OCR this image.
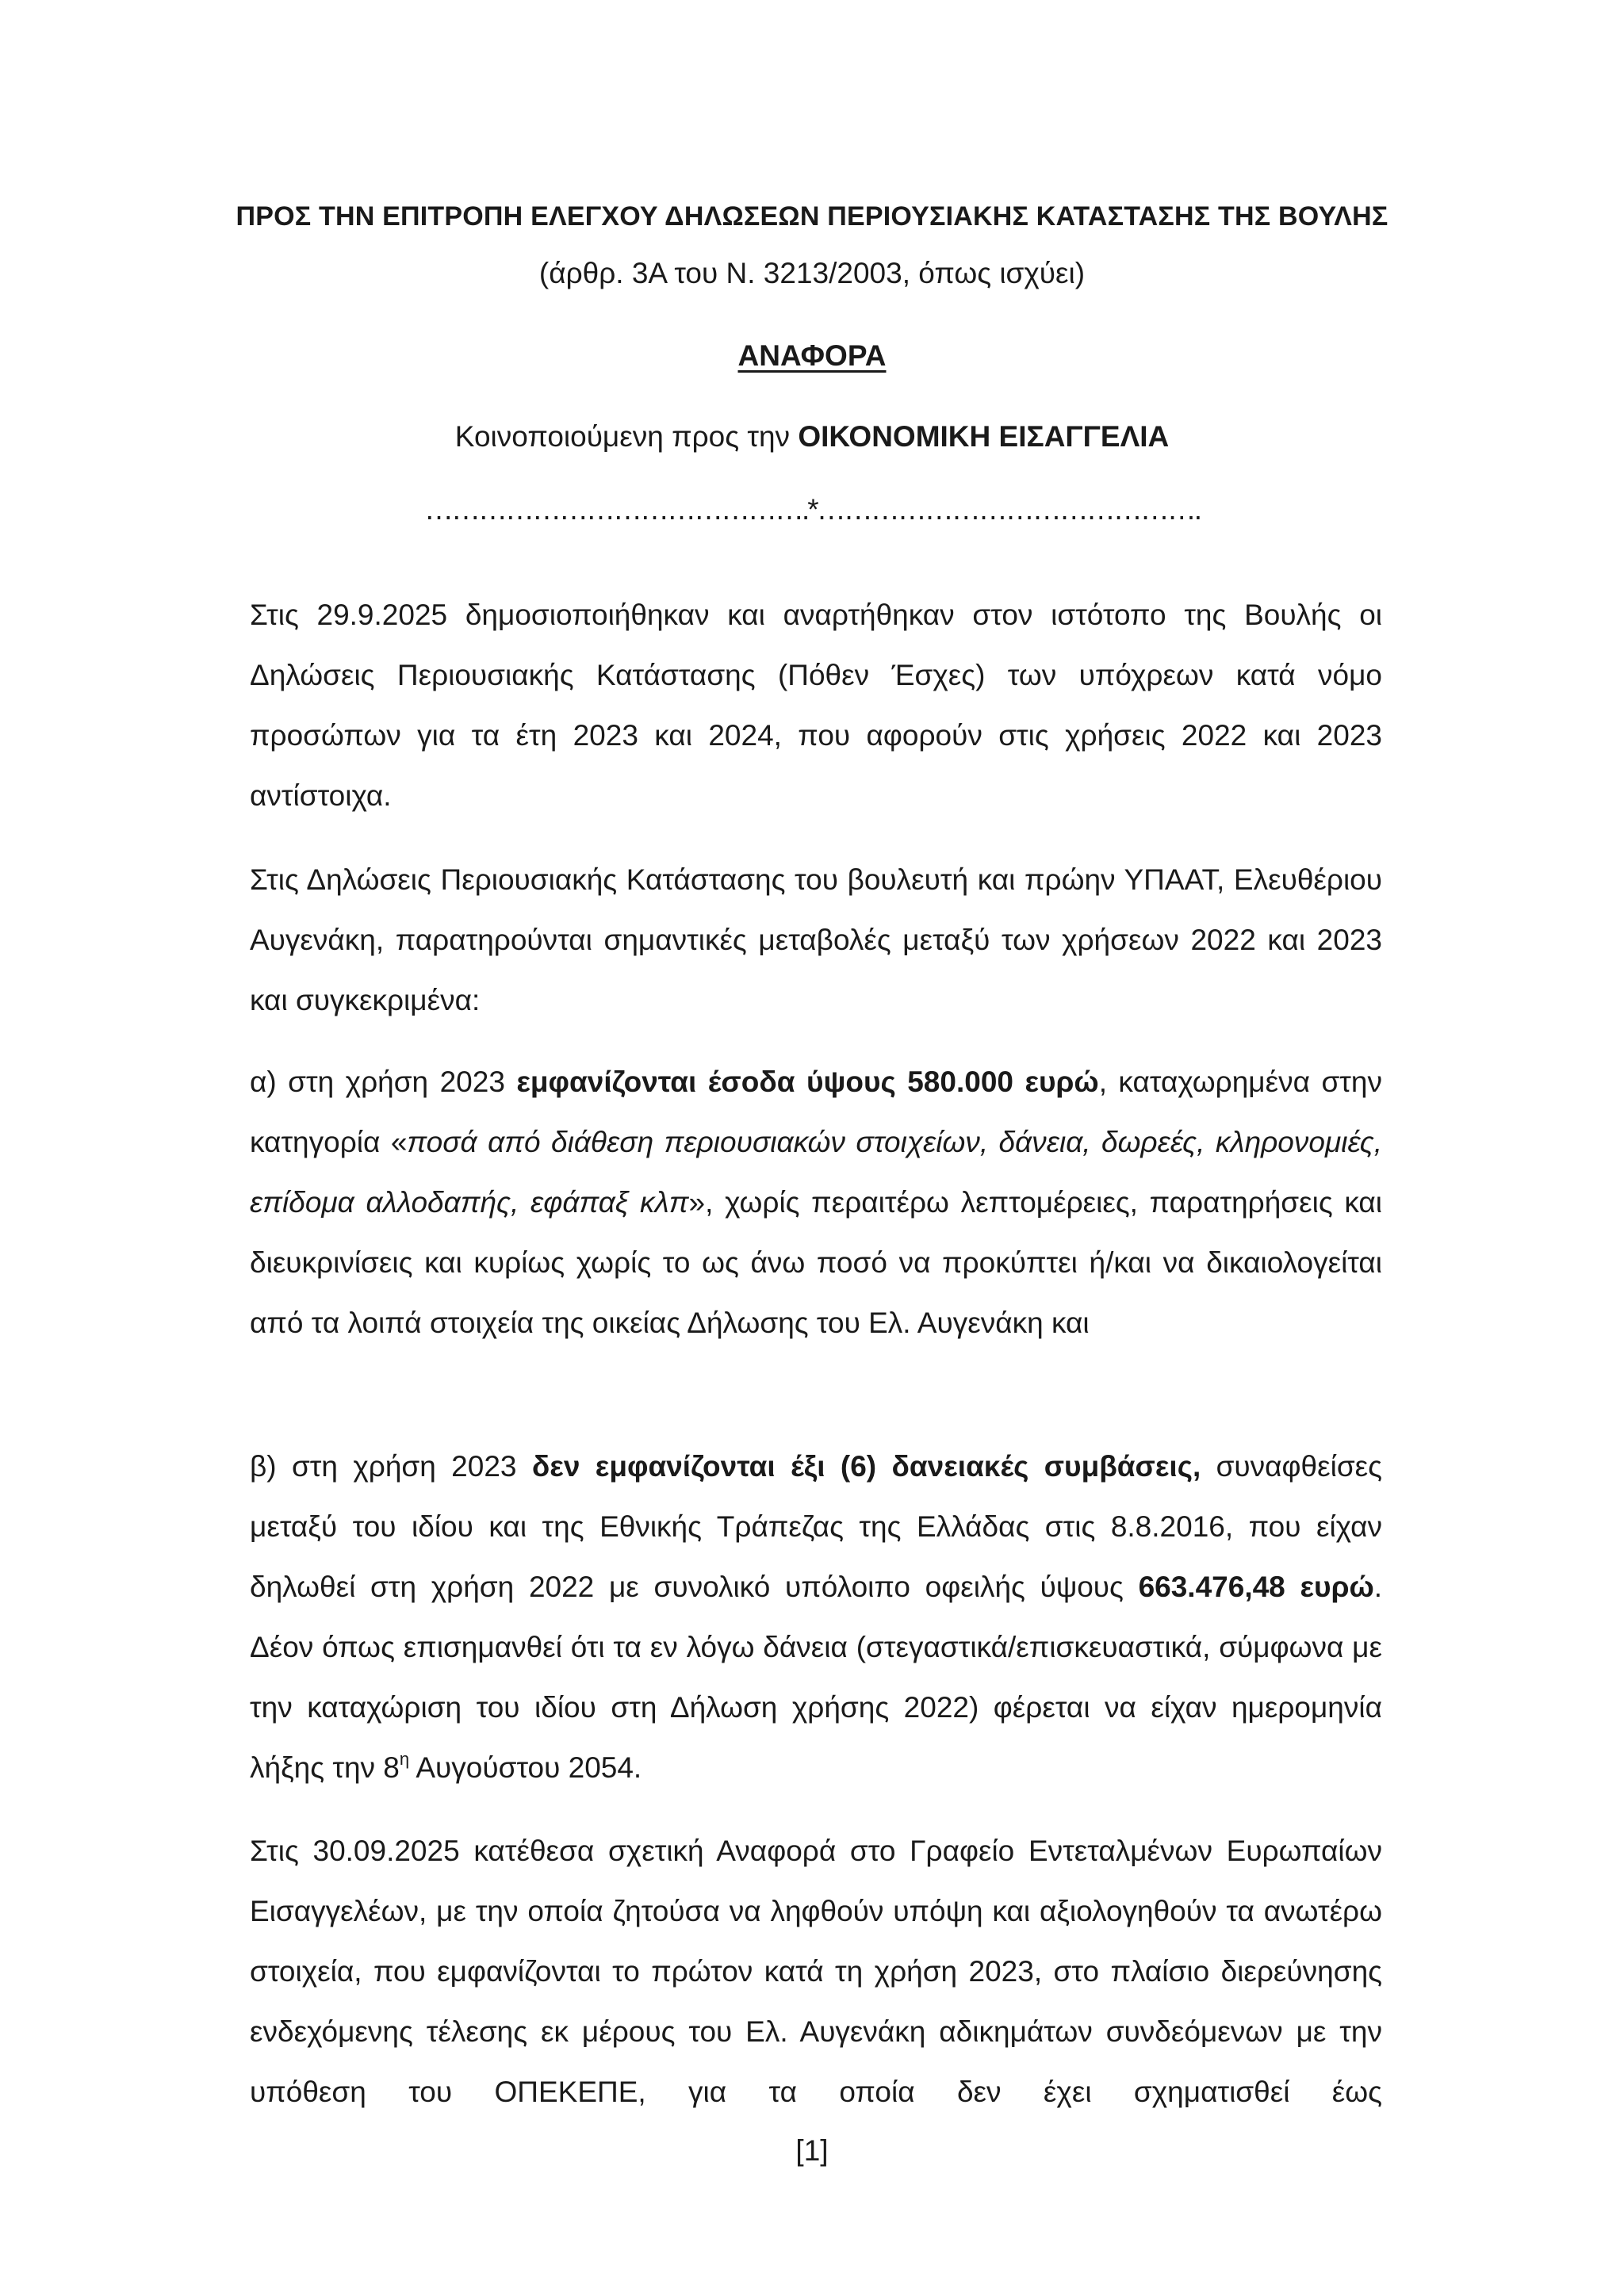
ΠΡΟΣ ΤΗΝ ΕΠΙΤΡΟΠΗ ΕΛΕΓΧΟΥ ΔΗΛΩΣΕΩΝ ΠΕΡΙΟΥΣΙΑΚΗΣ ΚΑΤΑΣΤΑΣΗΣ ΤΗΣ ΒΟΥΛΗΣ
(άρθρ. 3Α του Ν. 3213/2003, όπως ισχύει)
ΑΝΑΦΟΡΑ
Κοινοποιούμενη προς την ΟΙΚΟΝΟΜΙΚΗ ΕΙΣΑΓΓΕΛΙΑ
…………………………………….*…………………………………….

Στις 29.9.2025 δημοσιοποιήθηκαν και αναρτήθηκαν στον ιστότοπο της Βουλής οι Δηλώσεις Περιουσιακής Κατάστασης (Πόθεν Έσχες) των υπόχρεων κατά νόμο προσώπων για τα έτη 2023 και 2024, που αφορούν στις χρήσεις 2022 και 2023 αντίστοιχα.

Στις Δηλώσεις Περιουσιακής Κατάστασης του βουλευτή και πρώην ΥΠΑΑΤ, Ελευθέριου Αυγενάκη, παρατηρούνται σημαντικές μεταβολές μεταξύ των χρήσεων 2022 και 2023 και συγκεκριμένα:

α) στη χρήση 2023 εμφανίζονται έσοδα ύψους 580.000 ευρώ, καταχωρημένα στην κατηγορία «ποσά από διάθεση περιουσιακών στοιχείων, δάνεια, δωρεές, κληρονομιές, επίδομα αλλοδαπής, εφάπαξ κλπ», χωρίς περαιτέρω λεπτομέρειες, παρατηρήσεις και διευκρινίσεις και κυρίως χωρίς το ως άνω ποσό να προκύπτει ή/και να δικαιολογείται από τα λοιπά στοιχεία της οικείας Δήλωσης του Ελ. Αυγενάκη και

β) στη χρήση 2023 δεν εμφανίζονται έξι (6) δανειακές συμβάσεις, συναφθείσες μεταξύ του ιδίου και της Εθνικής Τράπεζας της Ελλάδας στις 8.8.2016, που είχαν δηλωθεί στη χρήση 2022 με συνολικό υπόλοιπο οφειλής ύψους 663.476,48 ευρώ. Δέον όπως επισημανθεί ότι τα εν λόγω δάνεια (στεγαστικά/επισκευαστικά, σύμφωνα με την καταχώριση του ιδίου στη Δήλωση χρήσης 2022) φέρεται να είχαν ημερομηνία λήξης την $8^\eta$ Αυγούστου 2054.

Στις 30.09.2025 κατέθεσα σχετική Αναφορά στο Γραφείο Εντεταλμένων Ευρωπαίων Εισαγγελέων, με την οποία ζητούσα να ληφθούν υπόψη και αξιολογηθούν τα ανωτέρω στοιχεία, που εμφανίζονται το πρώτον κατά τη χρήση 2023, στο πλαίσιο διερεύνησης ενδεχόμενης τέλεσης εκ μέρους του Ελ. Αυγενάκη αδικημάτων συνδεόμενων με την υπόθεση του ΟΠΕΚΕΠΕ, για τα οποία δεν έχει σχηματισθεί έως

[1]
